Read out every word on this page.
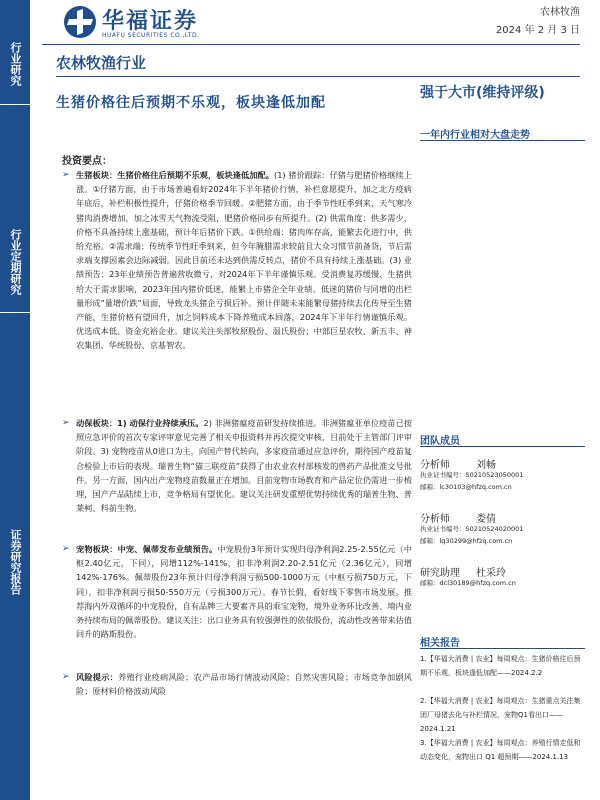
行业研究
行业定期研究
证券研究报告
华福证券
HUAFU SECURITIES CO.,LTD.
农林牧渔
2024 年 2 月 3 日
农林牧渔行业
生猪价格往后预期不乐观，板块逢低加配
强于大市(维持评级)
一年内行业相对大盘走势
团队成员
分析师	刘畅
执业证书编号：S0210523050001
邮箱：lc30103@hfzq.com.cn
分析师	娄倩
执业证书编号：S0210524020001
邮箱：lq30299@hfzq.com.cn
研究助理 杜采玲
邮箱：dcl30189@hfzq.com.cn
相关报告
1.【华福大消费 | 农业】每周观点：生猪价格往后预期不乐观，板块逢低加配——2024.2.2
2.【华福大消费 | 农业】每周观点：生猪重点关注集团厂母猪去化与补栏情况，宠物Q1看出口——2024.1.21
3.【华福大消费 | 农业】每周观点：养殖行情走低和动态变化，宠物出口 Q1 超预期——2024.1.13
投资要点：
➢ 生猪板块：生猪价格往后预期不乐观，板块逢低加配。(1) 猪价跟踪：仔猪与肥猪价格继续上涨。①仔猪方面，由于市场普遍看好2024年下半年猪价行情，补栏意愿提升，加之北方疫病年底后，补栏积极性提升，仔猪价格季节回暖。②肥猪方面，由于季节性旺季到来，天气寒冷猪肉消费增加，加之冰雪天气物流受阻，肥猪价格同步有所提升。(2) 供需角度：供多需少，价格不具备持续上涨基础，预计年后猪价下跌。①供给端：猪肉库存高，能繁去化进行中，供给充裕。②需求端：传统季节性旺季到来，但今年腌腊需求较前且大众习惯节前备货，节后需求端支撑因素会边际减弱。因此目前还未达到供需反转点，猪价不具有持续上涨基础。(3) 业绩预告：23年业绩预告普遍营收微亏，对2024年下半年谨慎乐观。受消费复苏缓慢、生猪供给大于需求影响，2023年国内猪价低迷，能繁上市猪企全年业绩。低迷的猪价与同增的出栏量形成“量增价跌”局面，导致龙头猪企亏损后补。预计伴随未来能繁母猪持续去化传导至生猪产能，生猪价格有望回升，加之饲料成本下降养殖成本回落，2024年下半年行情谨慎乐观。优选成本低、资金充裕企业。建议关注头部牧原股份、温氏股份；中部巨星农牧、新五丰、神农集团、华统股份、京基智农。
➢ 动保板块：1) 动保行业持续承压。2) 非洲猪瘟疫苗研发持续推进。非洲猪瘟亚单位疫苗已按照应急评价的首次专家评审意见完善了相关申报资料并再次提交审核，目前处于主管部门评审阶段。3) 宠物疫苗从0进口为主，向国产替代转向，多家疫苗通过应急评价，期待国产疫苗复合检验上市后的表现。瑞普生物“猫三联疫苗”获得了由农业农村部核发的兽药产品批准文号批件。另一方面，国内出产宠物疫苗数量正在增加。目前宠物市场教育和产品定位仍需进一步梳理，国产产品陆续上市，竞争格局有望优化。建议关注研发重塑优势持续优秀的瑞普生物、普莱柯、科前生物。
➢ 宠物板块：中宠、佩蒂发布业绩预告。中宠股份3年预计实现归母净利润2.25-2.55亿元（中枢2.40亿元，下同），同增112%-141%，扣非净利润2.20-2.51亿元（2.36亿元），同增142%-176%。佩蒂股份23年预计归母净利润亏损500-1000万元（中枢亏损750万元，下同），扣非净利润亏损50-550万元（亏损300万元）。春节长假，看好线下零售市场发展。推荐海内外双循环的中宠股份，自有品牌三大要素齐具的乖宝宠物，境外业务环比改善、境内业务持续布局的佩蒂股份。建议关注：出口业务具有较强弹性的依依股份，流动性改善带来估值回升的路斯股份。
➢ 风险提示：养殖行业疫病风险；农产品市场行情波动风险；自然灾害风险；市场竞争加剧风险；原材料价格波动风险
